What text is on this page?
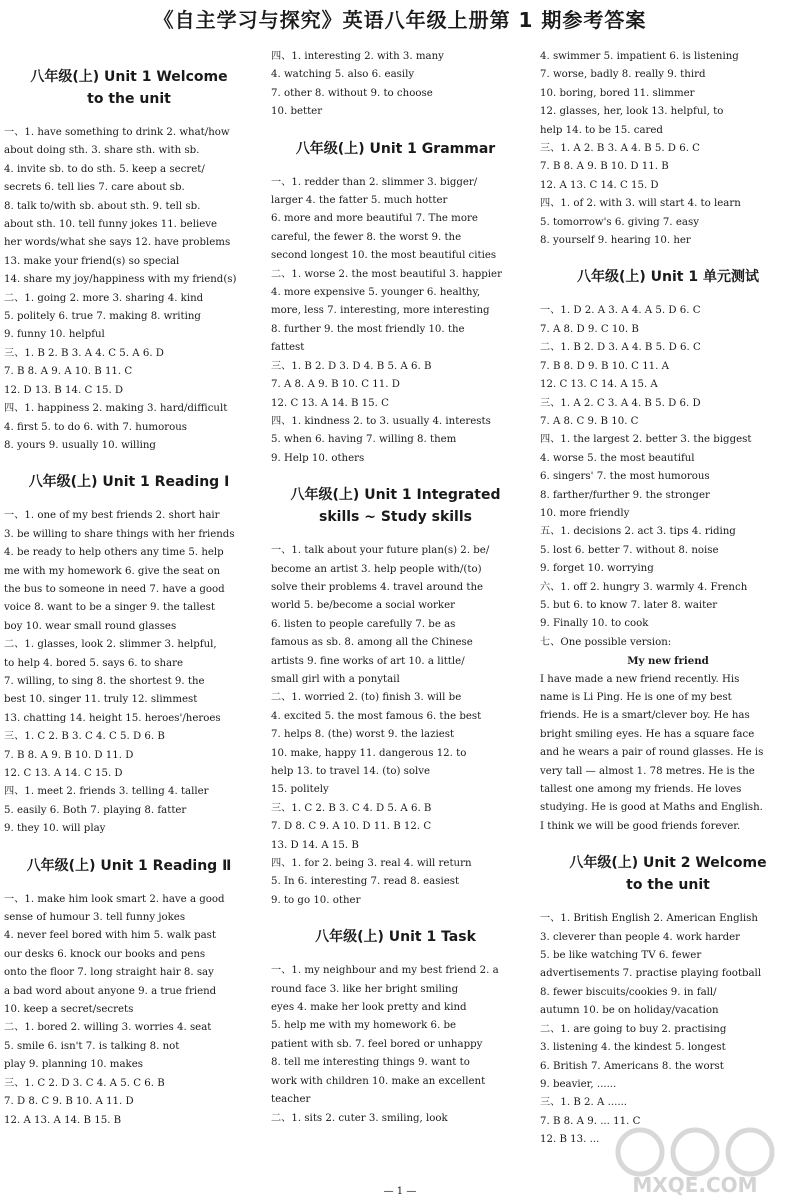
《自主学习与探究》英语八年级上册第 1 期参考答案
八年级(上) Unit 1 Welcome
to the unit
一、1. have something to drink 2. what/how
about doing sth. 3. share sth. with sb.
4. invite sb. to do sth. 5. keep a secret/
secrets 6. tell lies 7. care about sb.
8. talk to/with sb. about sth. 9. tell sb.
about sth. 10. tell funny jokes 11. believe
her words/what she says 12. have problems
13. make your friend(s) so special
14. share my joy/happiness with my friend(s)
二、1. going 2. more 3. sharing 4. kind
5. politely 6. true 7. making 8. writing
9. funny 10. helpful
三、1. B 2. B 3. A 4. C 5. A 6. D
7. B 8. A 9. A 10. B 11. C
12. D 13. B 14. C 15. D
四、1. happiness 2. making 3. hard/difficult
4. first 5. to do 6. with 7. humorous
8. yours 9. usually 10. willing
八年级(上) Unit 1 Reading Ⅰ
一、1. one of my best friends 2. short hair
3. be willing to share things with her friends
4. be ready to help others any time 5. help
me with my homework 6. give the seat on
the bus to someone in need 7. have a good
voice 8. want to be a singer 9. the tallest
boy 10. wear small round glasses
二、1. glasses, look 2. slimmer 3. helpful,
to help 4. bored 5. says 6. to share
7. willing, to sing 8. the shortest 9. the
best 10. singer 11. truly 12. slimmest
13. chatting 14. height 15. heroes'/heroes
三、1. C 2. B 3. C 4. C 5. D 6. B
7. B 8. A 9. B 10. D 11. D
12. C 13. A 14. C 15. D
四、1. meet 2. friends 3. telling 4. taller
5. easily 6. Both 7. playing 8. fatter
9. they 10. will play
八年级(上) Unit 1 Reading Ⅱ
一、1. make him look smart 2. have a good
sense of humour 3. tell funny jokes
4. never feel bored with him 5. walk past
our desks 6. knock our books and pens
onto the floor 7. long straight hair 8. say
a bad word about anyone 9. a true friend
10. keep a secret/secrets
二、1. bored 2. willing 3. worries 4. seat
5. smile 6. isn't 7. is talking 8. not
play 9. planning 10. makes
三、1. C 2. D 3. C 4. A 5. C 6. B
7. D 8. C 9. B 10. A 11. D
12. A 13. A 14. B 15. B
四、1. interesting 2. with 3. many
4. watching 5. also 6. easily
7. other 8. without 9. to choose
10. better
八年级(上) Unit 1 Grammar
一、1. redder than 2. slimmer 3. bigger/
larger 4. the fatter 5. much hotter
6. more and more beautiful 7. The more
careful, the fewer 8. the worst 9. the
second longest 10. the most beautiful cities
二、1. worse 2. the most beautiful 3. happier
4. more expensive 5. younger 6. healthy,
more, less 7. interesting, more interesting
8. further 9. the most friendly 10. the
fattest
三、1. B 2. D 3. D 4. B 5. A 6. B
7. A 8. A 9. B 10. C 11. D
12. C 13. A 14. B 15. C
四、1. kindness 2. to 3. usually 4. interests
5. when 6. having 7. willing 8. them
9. Help 10. others
八年级(上) Unit 1 Integrated
skills ~ Study skills
一、1. talk about your future plan(s) 2. be/
become an artist 3. help people with/(to)
solve their problems 4. travel around the
world 5. be/become a social worker
6. listen to people carefully 7. be as
famous as sb. 8. among all the Chinese
artists 9. fine works of art 10. a little/
small girl with a ponytail
二、1. worried 2. (to) finish 3. will be
4. excited 5. the most famous 6. the best
7. helps 8. (the) worst 9. the laziest
10. make, happy 11. dangerous 12. to
help 13. to travel 14. (to) solve
15. politely
三、1. C 2. B 3. C 4. D 5. A 6. B
7. D 8. C 9. A 10. D 11. B 12. C
13. D 14. A 15. B
四、1. for 2. being 3. real 4. will return
5. In 6. interesting 7. read 8. easiest
9. to go 10. other
八年级(上) Unit 1 Task
一、1. my neighbour and my best friend 2. a
round face 3. like her bright smiling
eyes 4. make her look pretty and kind
5. help me with my homework 6. be
patient with sb. 7. feel bored or unhappy
8. tell me interesting things 9. want to
work with children 10. make an excellent
teacher
二、1. sits 2. cuter 3. smiling, look
4. swimmer 5. impatient 6. is listening
7. worse, badly 8. really 9. third
10. boring, bored 11. slimmer
12. glasses, her, look 13. helpful, to
help 14. to be 15. cared
三、1. A 2. B 3. A 4. B 5. D 6. C
7. B 8. A 9. B 10. D 11. B
12. A 13. C 14. C 15. D
四、1. of 2. with 3. will start 4. to learn
5. tomorrow's 6. giving 7. easy
8. yourself 9. hearing 10. her
八年级(上) Unit 1 单元测试
一、1. D 2. A 3. A 4. A 5. D 6. C
7. A 8. D 9. C 10. B
二、1. B 2. D 3. A 4. B 5. D 6. C
7. B 8. D 9. B 10. C 11. A
12. C 13. C 14. A 15. A
三、1. A 2. C 3. A 4. B 5. D 6. D
7. A 8. C 9. B 10. C
四、1. the largest 2. better 3. the biggest
4. worse 5. the most beautiful
6. singers' 7. the most humorous
8. farther/further 9. the stronger
10. more friendly
五、1. decisions 2. act 3. tips 4. riding
5. lost 6. better 7. without 8. noise
9. forget 10. worrying
六、1. off 2. hungry 3. warmly 4. French
5. but 6. to know 7. later 8. waiter
9. Finally 10. to cook
七、One possible version:
My new friend
I have made a new friend recently. His
name is Li Ping. He is one of my best
friends. He is a smart/clever boy. He has
bright smiling eyes. He has a square face
and he wears a pair of round glasses. He is
very tall — almost 1. 78 metres. He is the
tallest one among my friends. He loves
studying. He is good at Maths and English.
I think we will be good friends forever.
八年级(上) Unit 2 Welcome
to the unit
一、1. British English 2. American English
3. cleverer than people 4. work harder
5. be like watching TV 6. fewer
advertisements 7. practise playing football
8. fewer biscuits/cookies 9. in fall/
autumn 10. be on holiday/vacation
二、1. are going to buy 2. practising
3. listening 4. the kindest 5. longest
6. British 7. Americans 8. the worst
9. beavier, ......
三、1. B 2. A ......
7. B 8. A 9. ... 11. C
12. B 13. ...
MXQE.COM
— 1 —
